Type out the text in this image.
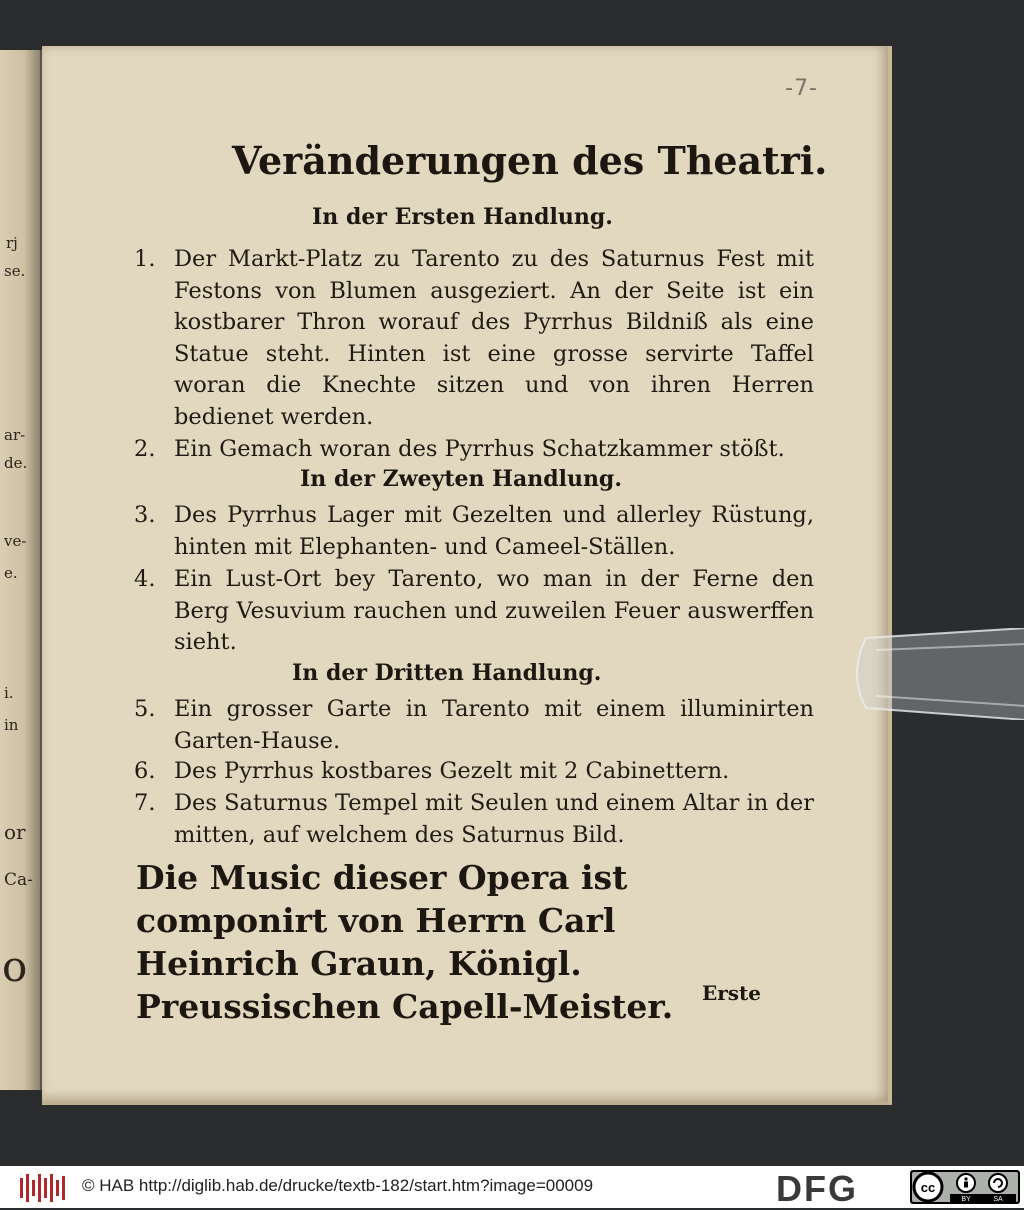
rj
se.
ar-
de.
ve-
e.
i.
in
or
Ca-
o
-7-
Veränderungen des Theatri.
In der Ersten Handlung.
1. Der Markt-Platz zu Tarento zu des Saturnus Fest mit Festons von Blumen ausgeziert. An der Seite ist ein kostbarer Thron worauf des Pyrrhus Bildniß als eine Statue steht. Hinten ist eine grosse servirte Taffel woran die Knechte sitzen und von ihren Herren bedienet werden.
2. Ein Gemach woran des Pyrrhus Schatzkammer stößt.
In der Zweyten Handlung.
3. Des Pyrrhus Lager mit Gezelten und allerley Rüstung, hinten mit Elephanten- und Cameel-Ställen.
4. Ein Lust-Ort bey Tarento, wo man in der Ferne den Berg Vesuvium rauchen und zuweilen Feuer auswerffen sieht.
In der Dritten Handlung.
5. Ein grosser Garte in Tarento mit einem illuminirten Garten-Hause.
6. Des Pyrrhus kostbares Gezelt mit 2 Cabinettern.
7. Des Saturnus Tempel mit Seulen und einem Altar in der mitten, auf welchem des Saturnus Bild.
Die Music dieser Opera ist componirt von Herrn Carl Heinrich Graun, Königl. Preussischen Capell-Meister.	Erste
© HAB http://diglib.hab.de/drucke/textb-182/start.htm?image=00009	DFG	cc
BY	SA
